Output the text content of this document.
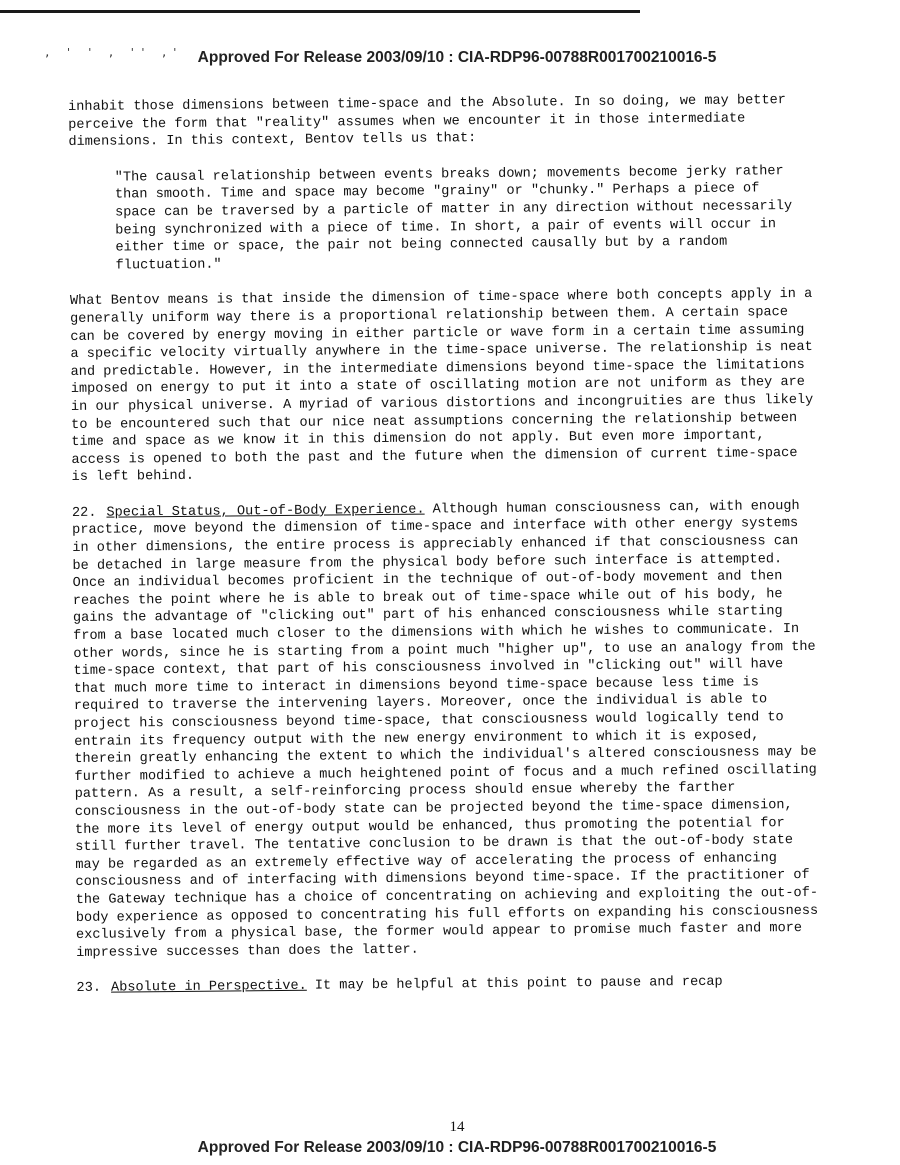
, ' ' , '' ,'	Approved For Release 2003/09/10 : CIA-RDP96-00788R001700210016-5

inhabit those dimensions between time-space and the Absolute. In so doing, we may better perceive the form that "reality" assumes when we encounter it in those intermediate dimensions. In this context, Bentov tells us that:

"The causal relationship between events breaks down; movements become jerky rather than smooth. Time and space may become "grainy" or "chunky." Perhaps a piece of space can be traversed by a particle of matter in any direction without necessarily being synchronized with a piece of time. In short, a pair of events will occur in either time or space, the pair not being connected causally but by a random fluctuation."

What Bentov means is that inside the dimension of time-space where both concepts apply in a generally uniform way there is a proportional relationship between them. A certain space can be covered by energy moving in either particle or wave form in a certain time assuming a specific velocity virtually anywhere in the time-space universe. The relationship is neat and predictable. However, in the intermediate dimensions beyond time-space the limitations imposed on energy to put it into a state of oscillating motion are not uniform as they are in our physical universe. A myriad of various distortions and incongruities are thus likely to be encountered such that our nice neat assumptions concerning the relationship between time and space as we know it in this dimension do not apply. But even more important, access is opened to both the past and the future when the dimension of current time-space is left behind.

22. Special Status, Out-of-Body Experience. Although human consciousness can, with enough practice, move beyond the dimension of time-space and interface with other energy systems in other dimensions, the entire process is appreciably enhanced if that consciousness can be detached in large measure from the physical body before such interface is attempted. Once an individual becomes proficient in the technique of out-of-body movement and then reaches the point where he is able to break out of time-space while out of his body, he gains the advantage of "clicking out" part of his enhanced consciousness while starting from a base located much closer to the dimensions with which he wishes to communicate. In other words, since he is starting from a point much "higher up", to use an analogy from the time-space context, that part of his consciousness involved in "clicking out" will have that much more time to interact in dimensions beyond time-space because less time is required to traverse the intervening layers. Moreover, once the individual is able to project his consciousness beyond time-space, that consciousness would logically tend to entrain its frequency output with the new energy environment to which it is exposed, therein greatly enhancing the extent to which the individual's altered consciousness may be further modified to achieve a much heightened point of focus and a much refined oscillating pattern. As a result, a self-reinforcing process should ensue whereby the farther consciousness in the out-of-body state can be projected beyond the time-space dimension, the more its level of energy output would be enhanced, thus promoting the potential for still further travel. The tentative conclusion to be drawn is that the out-of-body state may be regarded as an extremely effective way of accelerating the process of enhancing consciousness and of interfacing with dimensions beyond time-space. If the practitioner of the Gateway technique has a choice of concentrating on achieving and exploiting the out-of-body experience as opposed to concentrating his full efforts on expanding his consciousness exclusively from a physical base, the former would appear to promise much faster and more impressive successes than does the latter.

23. Absolute in Perspective. It may be helpful at this point to pause and recap

14
Approved For Release 2003/09/10 : CIA-RDP96-00788R001700210016-5
